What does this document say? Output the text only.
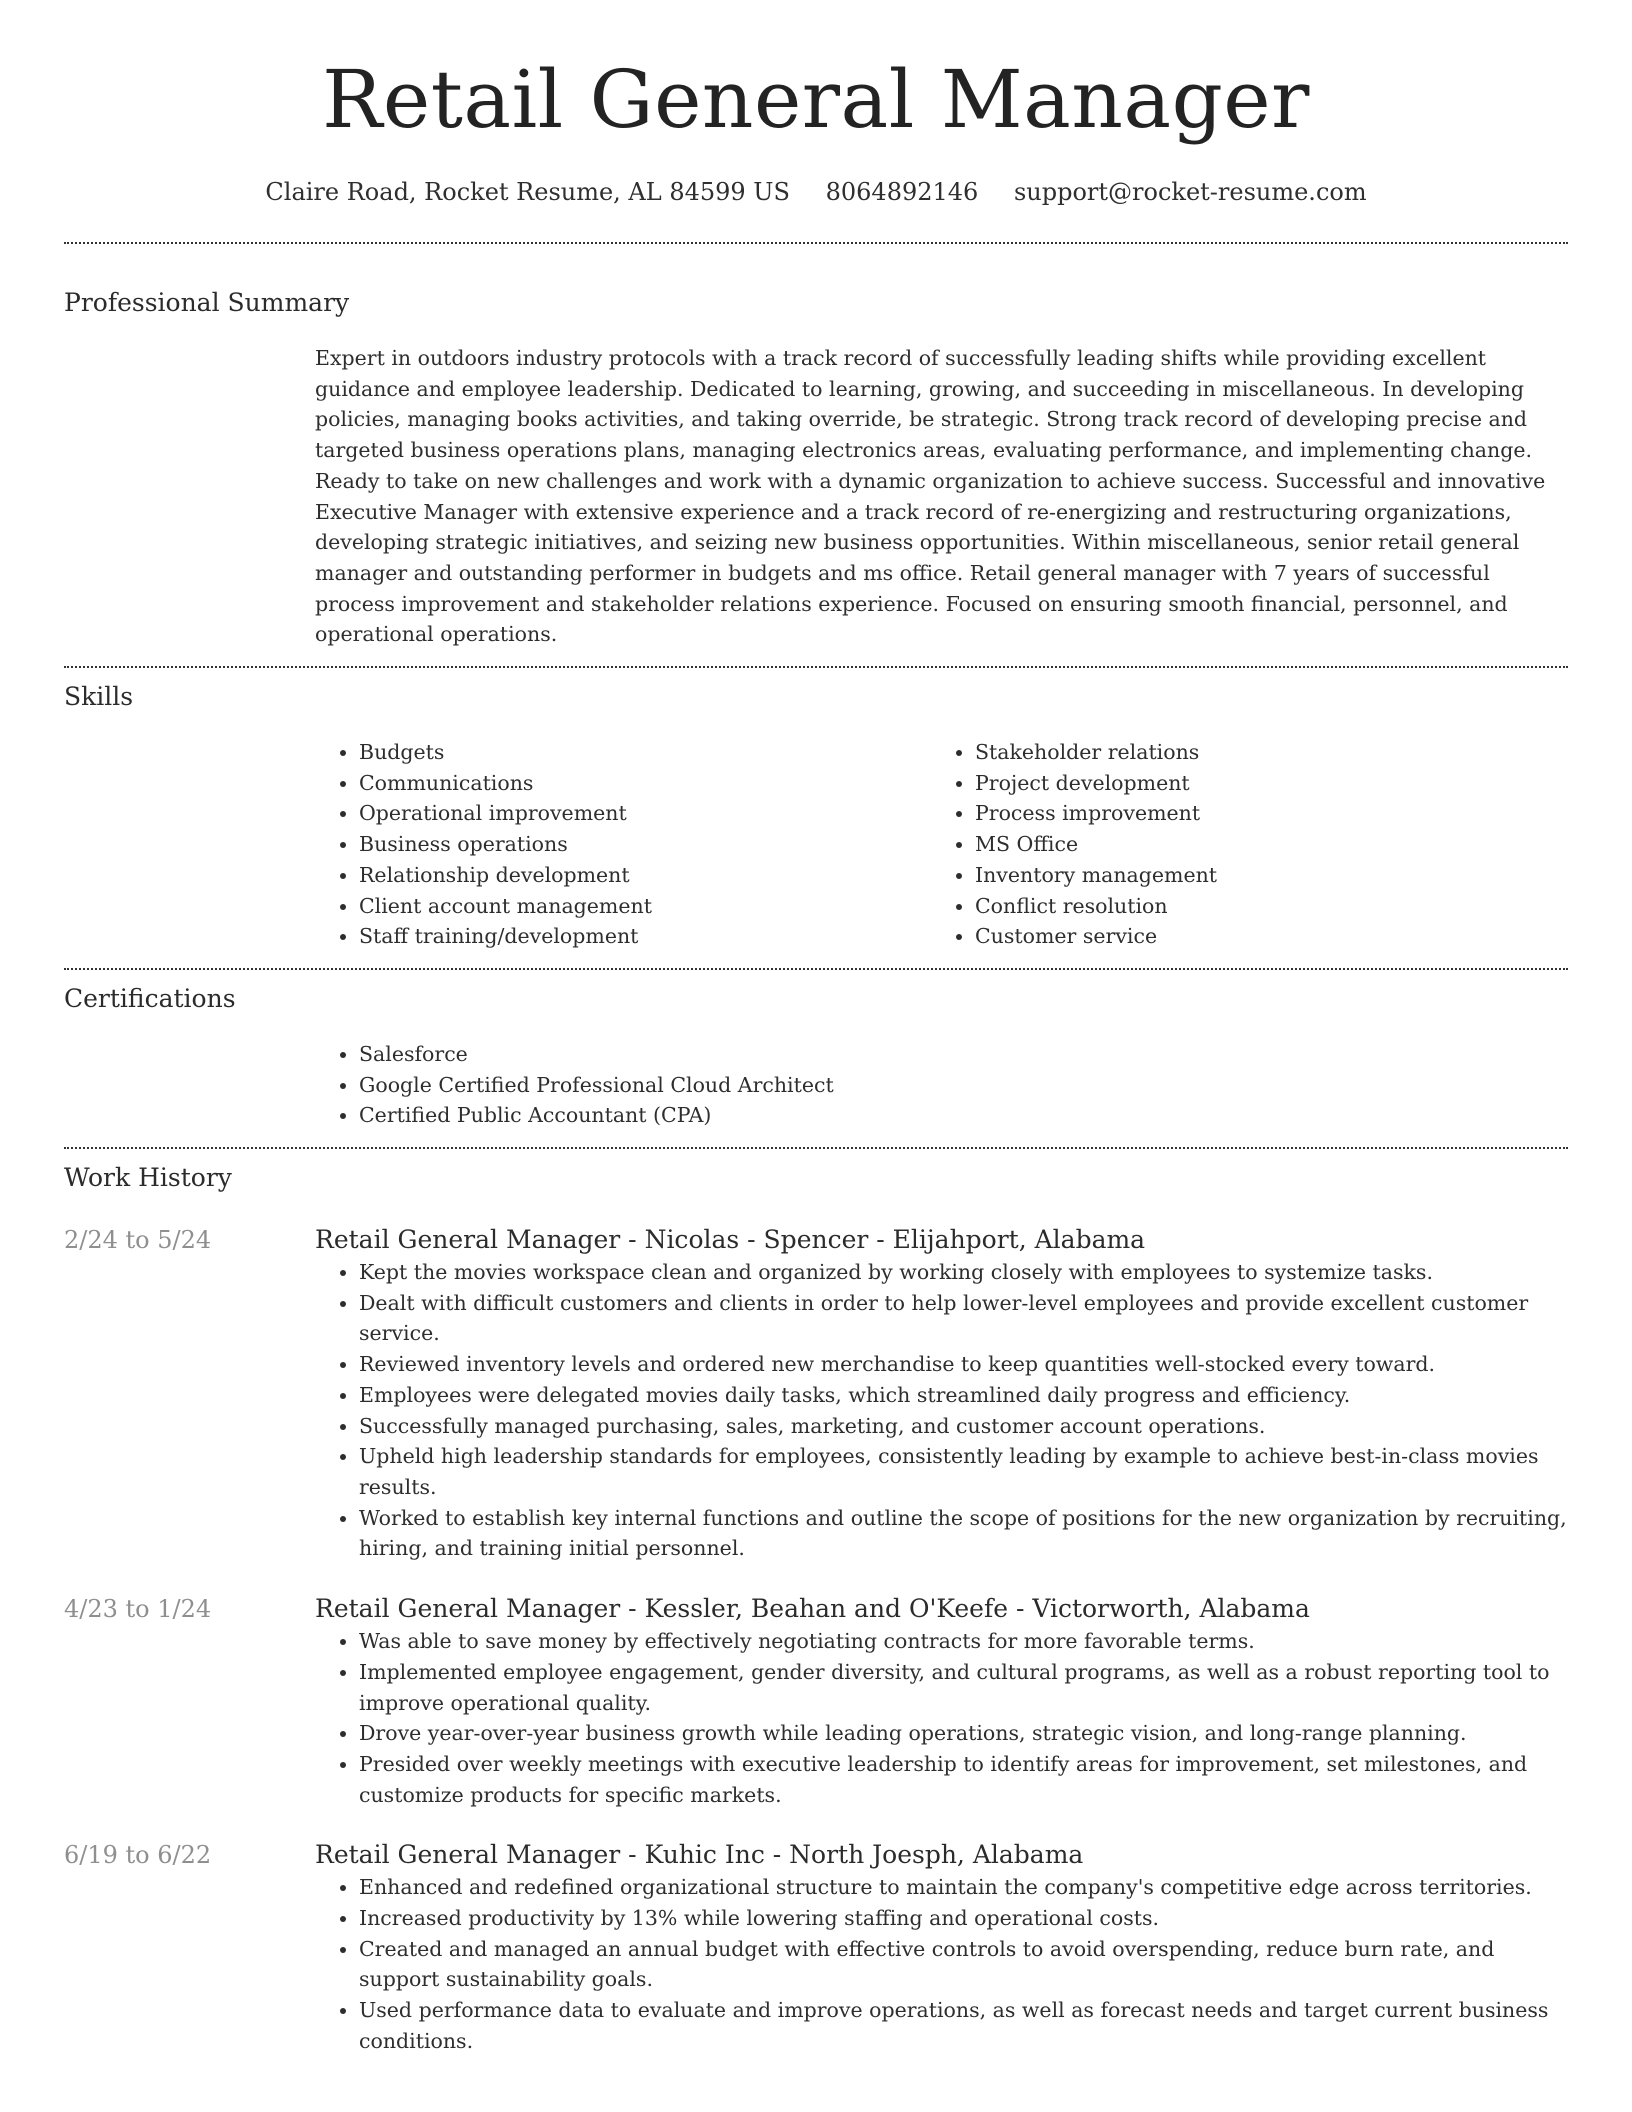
Retail General Manager
Claire Road, Rocket Resume, AL 84599 US 8064892146 support@rocket-resume.com
Professional Summary
Expert in outdoors industry protocols with a track record of successfully leading shifts while providing excellent guidance and employee leadership. Dedicated to learning, growing, and succeeding in miscellaneous. In developing policies, managing books activities, and taking override, be strategic. Strong track record of developing precise and targeted business operations plans, managing electronics areas, evaluating performance, and implementing change. Ready to take on new challenges and work with a dynamic organization to achieve success. Successful and innovative Executive Manager with extensive experience and a track record of re-energizing and restructuring organizations, developing strategic initiatives, and seizing new business opportunities. Within miscellaneous, senior retail general manager and outstanding performer in budgets and ms office. Retail general manager with 7 years of successful process improvement and stakeholder relations experience. Focused on ensuring smooth financial, personnel, and operational operations.
Skills
• Budgets
• Communications
• Operational improvement
• Business operations
• Relationship development
• Client account management
• Staff training/development
• Stakeholder relations
• Project development
• Process improvement
• MS Office
• Inventory management
• Conflict resolution
• Customer service
Certifications
• Salesforce
• Google Certified Professional Cloud Architect
• Certified Public Accountant (CPA)
Work History
2/24 to 5/24	Retail General Manager - Nicolas - Spencer - Elijahport, Alabama
• Kept the movies workspace clean and organized by working closely with employees to systemize tasks.
• Dealt with difficult customers and clients in order to help lower-level employees and provide excellent customer service.
• Reviewed inventory levels and ordered new merchandise to keep quantities well-stocked every toward.
• Employees were delegated movies daily tasks, which streamlined daily progress and efficiency.
• Successfully managed purchasing, sales, marketing, and customer account operations.
• Upheld high leadership standards for employees, consistently leading by example to achieve best-in-class movies results.
• Worked to establish key internal functions and outline the scope of positions for the new organization by recruiting, hiring, and training initial personnel.
4/23 to 1/24	Retail General Manager - Kessler, Beahan and O'Keefe - Victorworth, Alabama
• Was able to save money by effectively negotiating contracts for more favorable terms.
• Implemented employee engagement, gender diversity, and cultural programs, as well as a robust reporting tool to improve operational quality.
• Drove year-over-year business growth while leading operations, strategic vision, and long-range planning.
• Presided over weekly meetings with executive leadership to identify areas for improvement, set milestones, and customize products for specific markets.
6/19 to 6/22	Retail General Manager - Kuhic Inc - North Joesph, Alabama
• Enhanced and redefined organizational structure to maintain the company's competitive edge across territories.
• Increased productivity by 13% while lowering staffing and operational costs.
• Created and managed an annual budget with effective controls to avoid overspending, reduce burn rate, and support sustainability goals.
• Used performance data to evaluate and improve operations, as well as forecast needs and target current business conditions.
